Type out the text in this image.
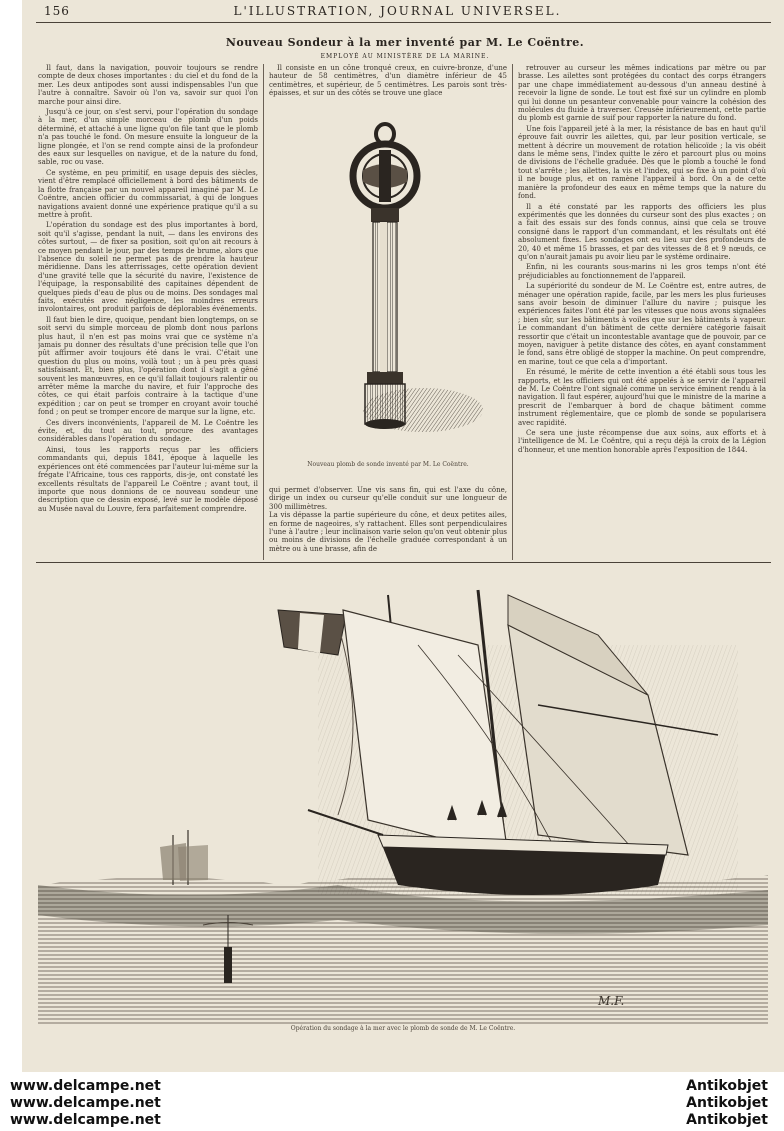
156	L'ILLUSTRATION, JOURNAL UNIVERSEL.
Nouveau Sondeur à la mer inventé par M. Le Coëntre.
EMPLOYÉ AU MINISTÈRE DE LA MARINE.

Il faut, dans la navigation, pouvoir toujours se rendre compte de deux choses importantes : du ciel et du fond de la mer. Les deux antipodes sont aussi indispensables l'un que l'autre à connaître. Savoir où l'on va, savoir sur quoi l'on marche pour ainsi dire.

Jusqu'à ce jour, on s'est servi, pour l'opération du sondage à la mer, d'un simple morceau de plomb d'un poids déterminé, et attaché à une ligne qu'on file tant que le plomb n'a pas touché le fond. On mesure ensuite la longueur de la ligne plongée, et l'on se rend compte ainsi de la profondeur des eaux sur lesquelles on navigue, et de la nature du fond, sable, roc ou vase.

Ce système, en peu primitif, en usage depuis des siècles, vient d'être remplacé officiellement à bord des bâtiments de la flotte française par un nouvel appareil imaginé par M. Le Coëntre, ancien officier du commissariat, à qui de longues navigations avaient donné une expérience pratique qu'il a su mettre à profit.

L'opération du sondage est des plus importantes à bord, soit qu'il s'agisse, pendant la nuit, — dans les environs des côtes surtout, — de fixer sa position, soit qu'on ait recours à ce moyen pendant le jour, par des temps de brume, alors que l'absence du soleil ne permet pas de prendre la hauteur méridienne. Dans les atterrissages, cette opération devient d'une gravité telle que la sécurité du navire, l'existence de l'équipage, la responsabilité des capitaines dépendent de quelques pieds d'eau de plus ou de moins. Des sondages mal faits, exécutés avec négligence, les moindres erreurs involontaires, ont produit parfois de déplorables événements.

Il faut bien le dire, quoique, pendant bien longtemps, on se soit servi du simple morceau de plomb dont nous parlons plus haut, il n'en est pas moins vrai que ce système n'a jamais pu donner des résultats d'une précision telle que l'on pût affirmer avoir toujours été dans le vrai. C'était une question du plus ou moins, voilà tout ; un à peu près quasi satisfaisant. Et, bien plus, l'opération dont il s'agit a gêné souvent les manœuvres, en ce qu'il fallait toujours ralentir ou arrêter même la marche du navire, et fuir l'approche des côtes, ce qui était parfois contraire à la tactique d'une expédition ; car on peut se tromper en croyant avoir touché fond ; on peut se tromper encore de marque sur la ligne, etc.

Ces divers inconvénients, l'appareil de M. Le Coëntre les évite, et, du tout au tout, procure des avantages considérables dans l'opération du sondage.

Ainsi, tous les rapports reçus par les officiers commandants qui, depuis 1841, époque à laquelle les expériences ont été commencées par l'auteur lui-même sur la frégate l'Africaine, tous ces rapports, dis-je, ont constaté les excellents résultats de l'appareil Le Coëntre ; avant tout, il importe que nous donnions de ce nouveau sondeur une description que ce dessin exposé, levé sur le modèle déposé au Musée naval du Louvre, fera parfaitement comprendre.

Il consiste en un cône tronqué creux, en cuivre-bronze, d'une hauteur de 58 centimètres, d'un diamètre inférieur de 45 centimètres, et supérieur, de 5 centimètres. Les parois sont très-épaisses, et sur un des côtés se trouve une glace

Nouveau plomb de sonde inventé par M. Le Coëntre.

qui permet d'observer. Une vis sans fin, qui est l'axe du cône, dirige un index ou curseur qu'elle conduit sur une longueur de 300 millimètres.

La vis dépasse la partie supérieure du cône, et deux petites ailes, en forme de nageoires, s'y rattachent. Elles sont perpendiculaires l'une à l'autre ; leur inclinaison varie selon qu'on veut obtenir plus ou moins de divisions de l'échelle graduée correspondant à un mètre ou à une brasse, afin de

retrouver au curseur les mêmes indications par mètre ou par brasse. Les ailettes sont protégées du contact des corps étrangers par une chape immédiatement au-dessous d'un anneau destiné à recevoir la ligne de sonde. Le tout est fixé sur un cylindre en plomb qui lui donne un pesanteur convenable pour vaincre la cohésion des molécules du fluide à traverser. Creusée inférieurement, cette partie du plomb est garnie de suif pour rapporter la nature du fond.

Une fois l'appareil jeté à la mer, la résistance de bas en haut qu'il éprouve fait ouvrir les ailettes, qui, par leur position verticale, se mettent à décrire un mouvement de rotation hélicoïde ; la vis obéit dans le même sens, l'index quitte le zéro et parcourt plus ou moins de divisions de l'échelle graduée. Dès que le plomb a touché le fond tout s'arrête ; les ailettes, la vis et l'index, qui se fixe à un point d'où il ne bouge plus, et on ramène l'appareil à bord. On a de cette manière la profondeur des eaux en même temps que la nature du fond.

Il a été constaté par les rapports des officiers les plus expérimentés que les données du curseur sont des plus exactes ; on a fait des essais sur des fonds connus, ainsi que cela se trouve consigné dans le rapport d'un commandant, et les résultats ont été absolument fixes. Les sondages ont eu lieu sur des profondeurs de 20, 40 et même 15 brasses, et par des vitesses de 8 et 9 nœuds, ce qu'on n'aurait jamais pu avoir lieu par le système ordinaire.

Enfin, ni les courants sous-marins ni les gros temps n'ont été préjudiciables au fonctionnement de l'appareil.

La supériorité du sondeur de M. Le Coëntre est, entre autres, de ménager une opération rapide, facile, par les mers les plus furieuses sans avoir besoin de diminuer l'allure du navire ; puisque les expériences faites l'ont été par les vitesses que nous avons signalées ; bien sûr, sur les bâtiments à voiles que sur les bâtiments à vapeur. Le commandant d'un bâtiment de cette dernière catégorie faisait ressortir que c'était un incontestable avantage que de pouvoir, par ce moyen, naviguer à petite distance des côtes, en ayant constamment le fond, sans être obligé de stopper la machine. On peut comprendre, en marine, tout ce que cela a d'important.

En résumé, le mérite de cette invention a été établi sous tous les rapports, et les officiers qui ont été appelés à se servir de l'appareil de M. Le Coëntre l'ont signalé comme un service éminent rendu à la navigation. Il faut espérer, aujourd'hui que le ministre de la marine a prescrit de l'embarquer à bord de chaque bâtiment comme instrument réglementaire, que ce plomb de sonde se popularisera avec rapidité.

Ce sera une juste récompense due aux soins, aux efforts et à l'intelligence de M. Le Coëntre, qui a reçu déjà la croix de la Légion d'honneur, et une mention honorable après l'exposition de 1844.

M.F.
Opération du sondage à la mer avec le plomb de sonde de M. Le Coëntre.
www.delcampe.net
www.delcampe.net
www.delcampe.net
Antikobjet
Antikobjet
Antikobjet
